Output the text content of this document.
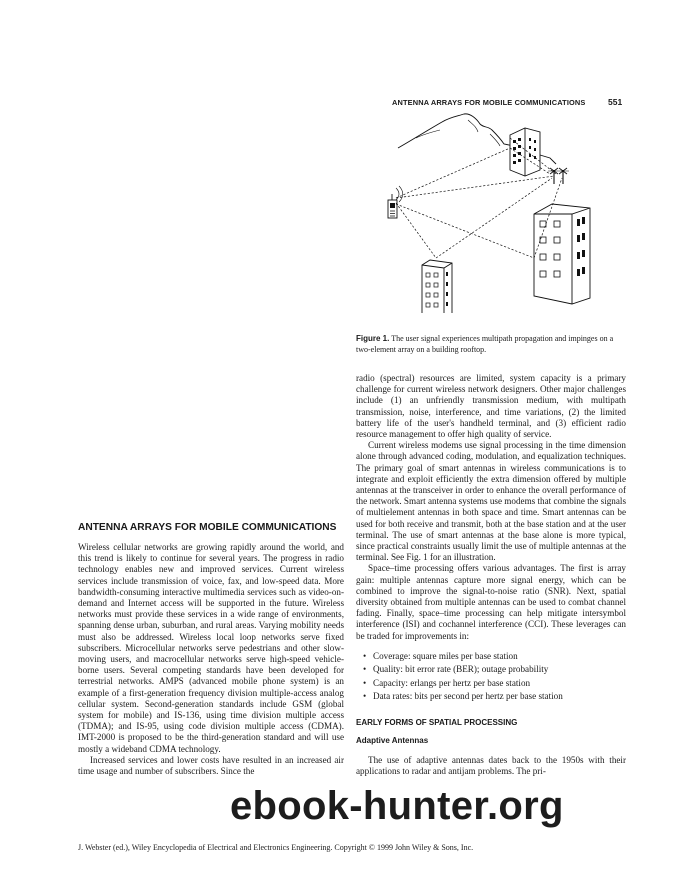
ANTENNA ARRAYS FOR MOBILE COMMUNICATIONS	551
Figure 1. The user signal experiences multipath propagation and impinges on a two-element array on a building rooftop.
ANTENNA ARRAYS FOR MOBILE COMMUNICATIONS

Wireless cellular networks are growing rapidly around the world, and this trend is likely to continue for several years. The progress in radio technology enables new and improved services. Current wireless services include transmission of voice, fax, and low-speed data. More bandwidth-consuming interactive multimedia services such as video-on-demand and Internet access will be supported in the future. Wireless networks must provide these services in a wide range of environments, spanning dense urban, suburban, and rural areas. Varying mobility needs must also be addressed. Wireless local loop networks serve fixed subscribers. Microcellular networks serve pedestrians and other slow-moving users, and macrocellular networks serve high-speed vehicle-borne users. Several competing standards have been developed for terrestrial networks. AMPS (advanced mobile phone system) is an example of a first-generation frequency division multiple-access analog cellular system. Second-generation standards include GSM (global system for mobile) and IS-136, using time division multiple access (TDMA); and IS-95, using code division multiple access (CDMA). IMT-2000 is proposed to be the third-generation standard and will use mostly a wideband CDMA technology.

Increased services and lower costs have resulted in an increased air time usage and number of subscribers. Since the

radio (spectral) resources are limited, system capacity is a primary challenge for current wireless network designers. Other major challenges include (1) an unfriendly transmission medium, with multipath transmission, noise, interference, and time variations, (2) the limited battery life of the user's handheld terminal, and (3) efficient radio resource management to offer high quality of service.

Current wireless modems use signal processing in the time dimension alone through advanced coding, modulation, and equalization techniques. The primary goal of smart antennas in wireless communications is to integrate and exploit efficiently the extra dimension offered by multiple antennas at the transceiver in order to enhance the overall performance of the network. Smart antenna systems use modems that combine the signals of multielement antennas in both space and time. Smart antennas can be used for both receive and transmit, both at the base station and at the user terminal. The use of smart antennas at the base alone is more typical, since practical constraints usually limit the use of multiple antennas at the terminal. See Fig. 1 for an illustration.

Space–time processing offers various advantages. The first is array gain: multiple antennas capture more signal energy, which can be combined to improve the signal-to-noise ratio (SNR). Next, spatial diversity obtained from multiple antennas can be used to combat channel fading. Finally, space–time processing can help mitigate intersymbol interference (ISI) and cochannel interference (CCI). These leverages can be traded for improvements in:

• Coverage: square miles per base station
• Quality: bit error rate (BER); outage probability
• Capacity: erlangs per hertz per base station
• Data rates: bits per second per hertz per base station
EARLY FORMS OF SPATIAL PROCESSING
Adaptive Antennas

The use of adaptive antennas dates back to the 1950s with their applications to radar and antijam problems. The pri-

J. Webster (ed.), Wiley Encyclopedia of Electrical and Electronics Engineering. Copyright © 1999 John Wiley & Sons, Inc.
ebook-hunter.org
